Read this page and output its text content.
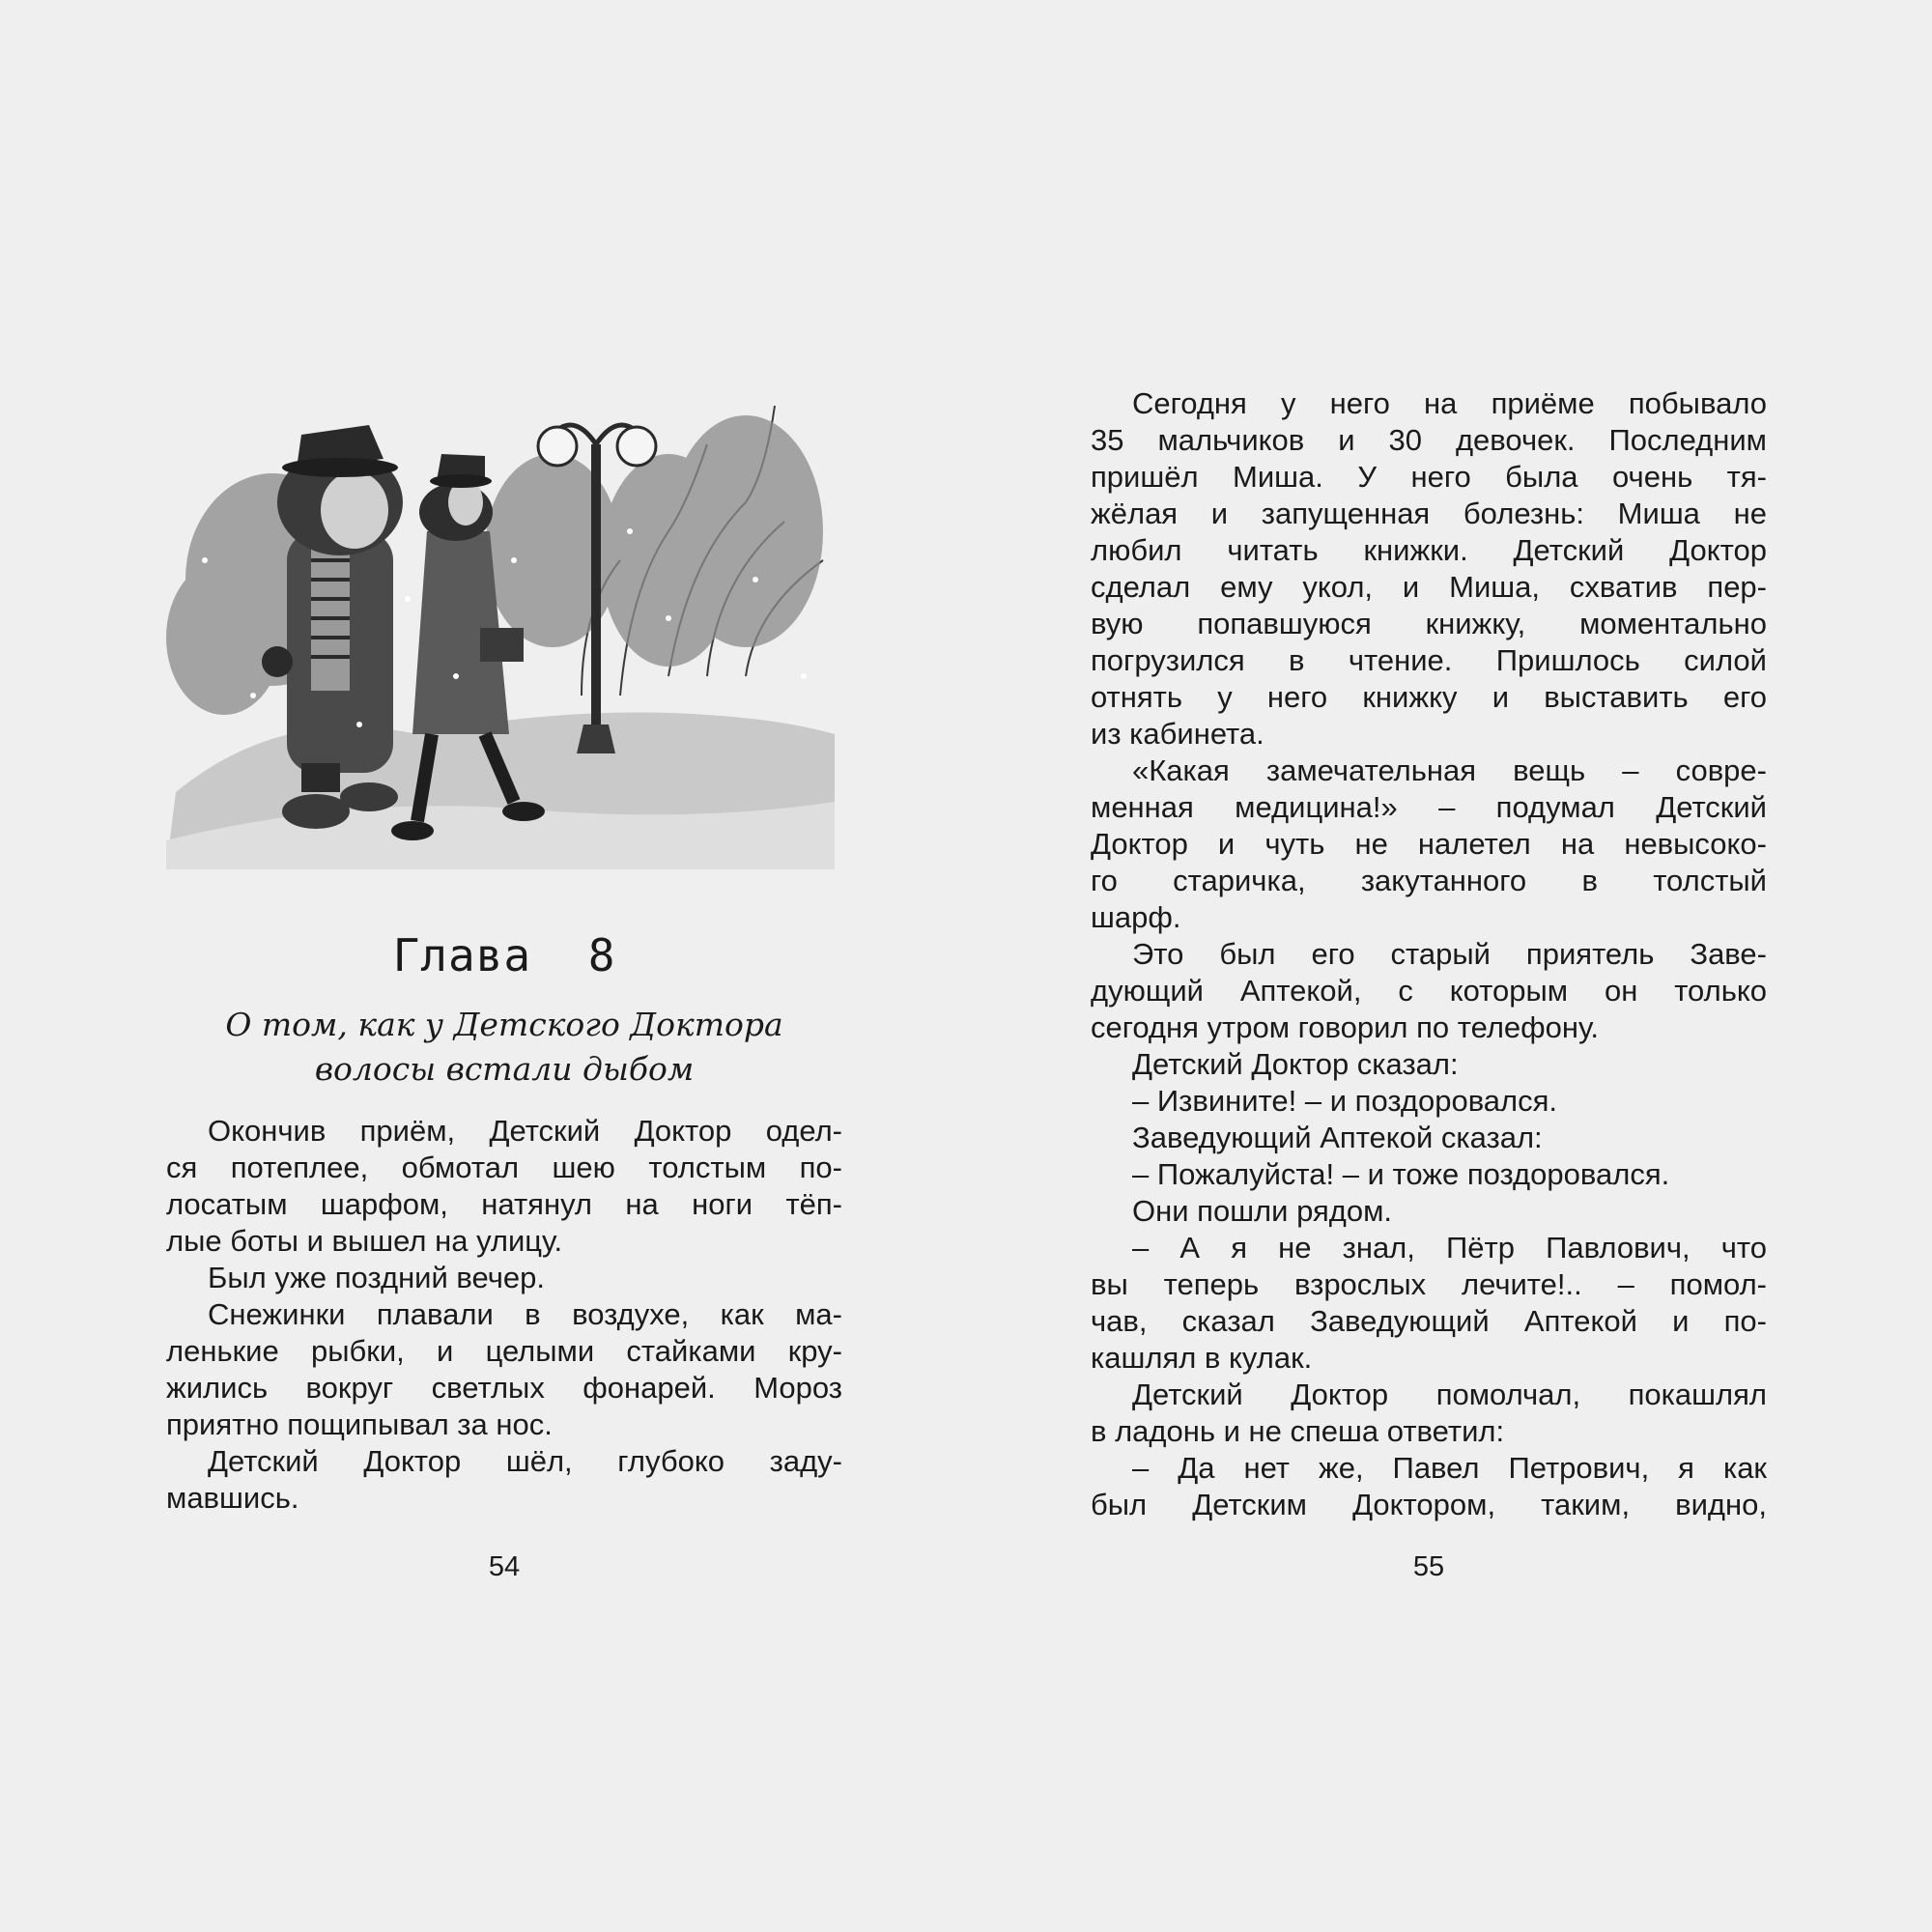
Глава 8
О том, как у Детского Доктора
волосы встали дыбом
Окончив приём, Детский Доктор одел-
ся потеплее, обмотал шею толстым по-
лосатым шарфом, натянул на ноги тёп-
лые боты и вышел на улицу.
Был уже поздний вечер.
Снежинки плавали в воздухе, как ма-
ленькие рыбки, и целыми стайками кру-
жились вокруг светлых фонарей. Мороз
приятно пощипывал за нос.
Детский Доктор шёл, глубоко заду-
мавшись.
Сегодня у него на приёме побывало
35 мальчиков и 30 девочек. Последним
пришёл Миша. У него была очень тя-
жёлая и запущенная болезнь: Миша не
любил читать книжки. Детский Доктор
сделал ему укол, и Миша, схватив пер-
вую попавшуюся книжку, моментально
погрузился в чтение. Пришлось силой
отнять у него книжку и выставить его
из кабинета.
«Какая замечательная вещь – совре-
менная медицина!» – подумал Детский
Доктор и чуть не налетел на невысоко-
го старичка, закутанного в толстый
шарф.
Это был его старый приятель Заве-
дующий Аптекой, с которым он только
сегодня утром говорил по телефону.
Детский Доктор сказал:
– Извините! – и поздоровался.
Заведующий Аптекой сказал:
– Пожалуйста! – и тоже поздоровался.
Они пошли рядом.
– А я не знал, Пётр Павлович, что
вы теперь взрослых лечите!.. – помол-
чав, сказал Заведующий Аптекой и по-
кашлял в кулак.
Детский Доктор помолчал, покашлял
в ладонь и не спеша ответил:
– Да нет же, Павел Петрович, я как
был Детским Доктором, таким, видно,
54	55
